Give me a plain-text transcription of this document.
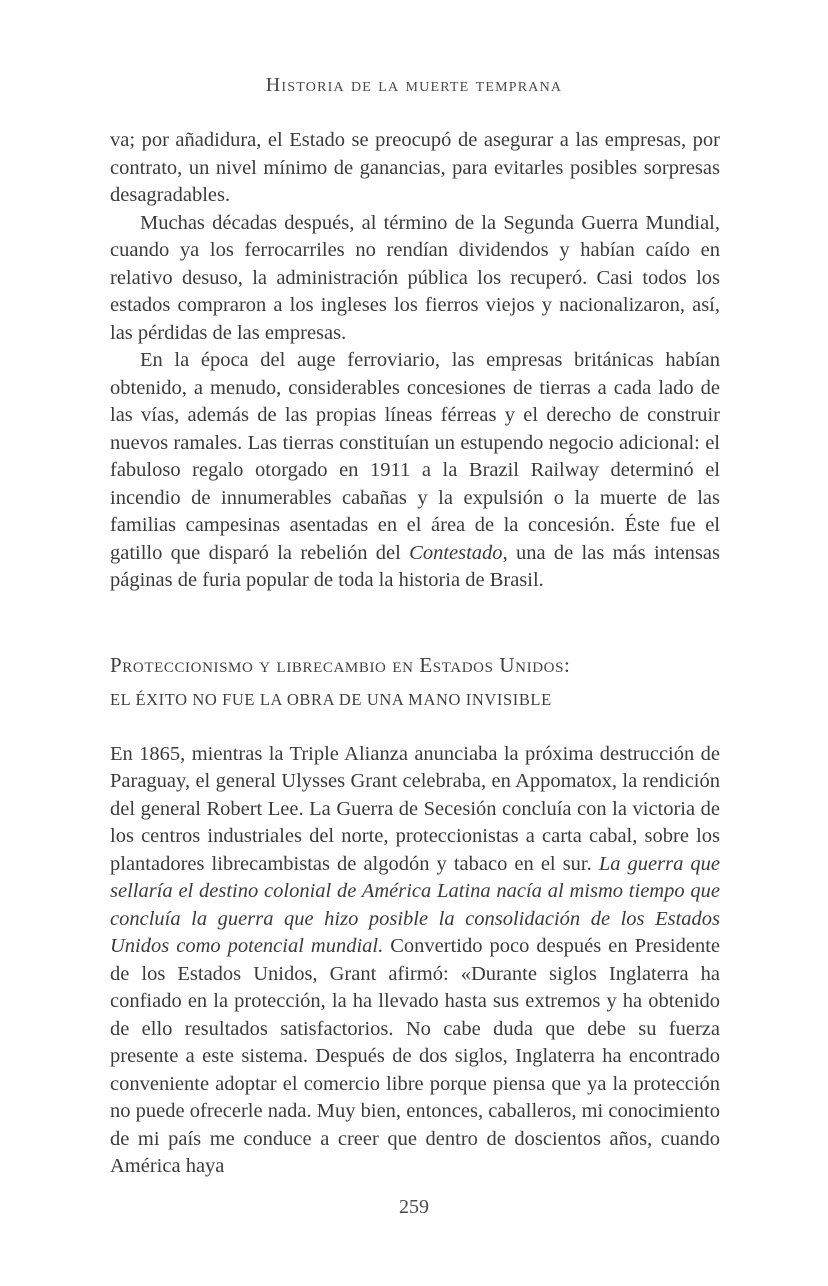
Historia de la muerte temprana

va; por añadidura, el Estado se preocupó de asegurar a las empresas, por contrato, un nivel mínimo de ganancias, para evitarles posibles sorpresas desagradables.

Muchas décadas después, al término de la Segunda Guerra Mundial, cuando ya los ferrocarriles no rendían dividendos y habían caído en relativo desuso, la administración pública los recuperó. Casi todos los estados compraron a los ingleses los fierros viejos y nacionalizaron, así, las pérdidas de las empresas.

En la época del auge ferroviario, las empresas británicas habían obtenido, a menudo, considerables concesiones de tierras a cada lado de las vías, además de las propias líneas férreas y el derecho de construir nuevos ramales. Las tierras constituían un estupendo negocio adicional: el fabuloso regalo otorgado en 1911 a la Brazil Railway determinó el incendio de innumerables cabañas y la expulsión o la muerte de las familias campesinas asentadas en el área de la concesión. Éste fue el gatillo que disparó la rebelión del Contestado, una de las más intensas páginas de furia popular de toda la historia de Brasil.

Proteccionismo y librecambio en Estados Unidos:
EL ÉXITO NO FUE LA OBRA DE UNA MANO INVISIBLE

En 1865, mientras la Triple Alianza anunciaba la próxima destrucción de Paraguay, el general Ulysses Grant celebraba, en Appomatox, la rendición del general Robert Lee. La Guerra de Secesión concluía con la victoria de los centros industriales del norte, proteccionistas a carta cabal, sobre los plantadores librecambistas de algodón y tabaco en el sur. La guerra que sellaría el destino colonial de América Latina nacía al mismo tiempo que concluía la guerra que hizo posible la consolidación de los Estados Unidos como potencial mundial. Convertido poco después en Presidente de los Estados Unidos, Grant afirmó: «Durante siglos Inglaterra ha confiado en la protección, la ha llevado hasta sus extremos y ha obtenido de ello resultados satisfactorios. No cabe duda que debe su fuerza presente a este sistema. Después de dos siglos, Inglaterra ha encontrado conveniente adoptar el comercio libre porque piensa que ya la protección no puede ofrecerle nada. Muy bien, entonces, caballeros, mi conocimiento de mi país me conduce a creer que dentro de doscientos años, cuando América haya

259
